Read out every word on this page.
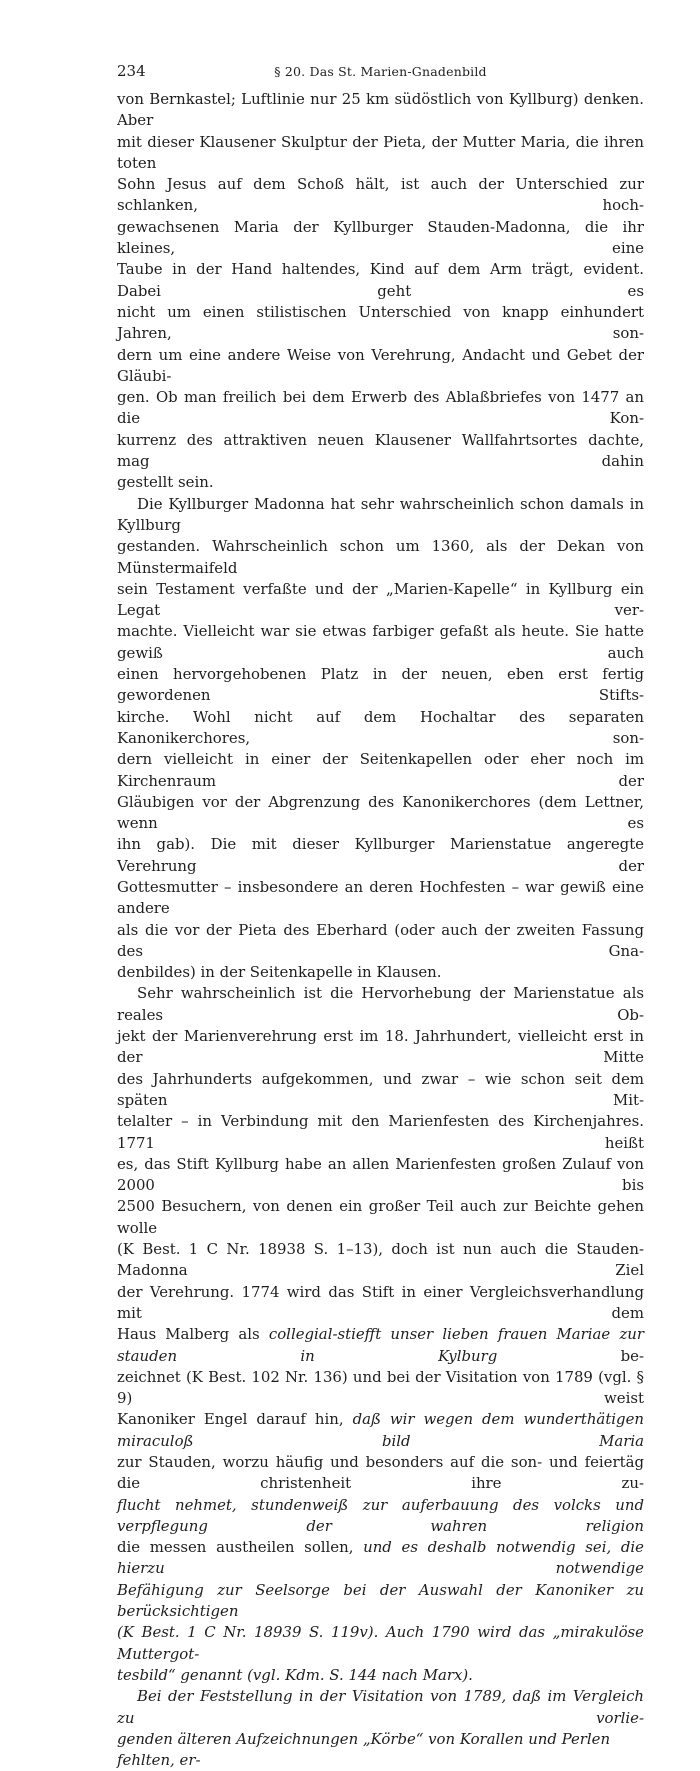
234	§ 20. Das St. Marien-Gnadenbild
von Bernkastel; Luftlinie nur 25 km südöstlich von Kyllburg) denken. Aber
mit dieser Klausener Skulptur der Pieta, der Mutter Maria, die ihren toten
Sohn Jesus auf dem Schoß hält, ist auch der Unterschied zur schlanken, hoch-
gewachsenen Maria der Kyllburger Stauden-Madonna, die ihr kleines, eine
Taube in der Hand haltendes, Kind auf dem Arm trägt, evident. Dabei geht es
nicht um einen stilistischen Unterschied von knapp einhundert Jahren, son-
dern um eine andere Weise von Verehrung, Andacht und Gebet der Gläubi-
gen. Ob man freilich bei dem Erwerb des Ablaßbriefes von 1477 an die Kon-
kurrenz des attraktiven neuen Klausener Wallfahrtsortes dachte, mag dahin
gestellt sein.
Die Kyllburger Madonna hat sehr wahrscheinlich schon damals in Kyllburg
gestanden. Wahrscheinlich schon um 1360, als der Dekan von Münstermaifeld
sein Testament verfaßte und der „Marien-Kapelle“ in Kyllburg ein Legat ver-
machte. Vielleicht war sie etwas farbiger gefaßt als heute. Sie hatte gewiß auch
einen hervorgehobenen Platz in der neuen, eben erst fertig gewordenen Stifts-
kirche. Wohl nicht auf dem Hochaltar des separaten Kanonikerchores, son-
dern vielleicht in einer der Seitenkapellen oder eher noch im Kirchenraum der
Gläubigen vor der Abgrenzung des Kanonikerchores (dem Lettner, wenn es
ihn gab). Die mit dieser Kyllburger Marienstatue angeregte Verehrung der
Gottesmutter – insbesondere an deren Hochfesten – war gewiß eine andere
als die vor der Pieta des Eberhard (oder auch der zweiten Fassung des Gna-
denbildes) in der Seitenkapelle in Klausen.
Sehr wahrscheinlich ist die Hervorhebung der Marienstatue als reales Ob-
jekt der Marienverehrung erst im 18. Jahrhundert, vielleicht erst in der Mitte
des Jahrhunderts aufgekommen, und zwar – wie schon seit dem späten Mit-
telalter – in Verbindung mit den Marienfesten des Kirchenjahres. 1771 heißt
es, das Stift Kyllburg habe an allen Marienfesten großen Zulauf von 2000 bis
2500 Besuchern, von denen ein großer Teil auch zur Beichte gehen wolle
(K Best. 1 C Nr. 18938 S. 1–13), doch ist nun auch die Stauden-Madonna Ziel
der Verehrung. 1774 wird das Stift in einer Vergleichsverhandlung mit dem
Haus Malberg als collegial-stiefft unser lieben frauen Mariae zur stauden in Kylburg be-
zeichnet (K Best. 102 Nr. 136) und bei der Visitation von 1789 (vgl. § 9) weist
Kanoniker Engel darauf hin, daß wir wegen dem wunderthätigen miraculoß bild Maria
zur Stauden, worzu häufig und besonders auf die son- und feiertäg die christenheit ihre zu-
flucht nehmet, stundenweiß zur auferbauung des volcks und verpflegung der wahren religion
die messen austheilen sollen, und es deshalb notwendig sei, die hierzu notwendige
Befähigung zur Seelsorge bei der Auswahl der Kanoniker zu berücksichtigen
(K Best. 1 C Nr. 18939 S. 119v). Auch 1790 wird das „mirakulöse Muttergot-
tesbild“ genannt (vgl. Kdm. S. 144 nach Marx).
Bei der Feststellung in der Visitation von 1789, daß im Vergleich zu vorlie-
genden älteren Aufzeichnungen „Körbe“ von Korallen und Perlen fehlten, er-
